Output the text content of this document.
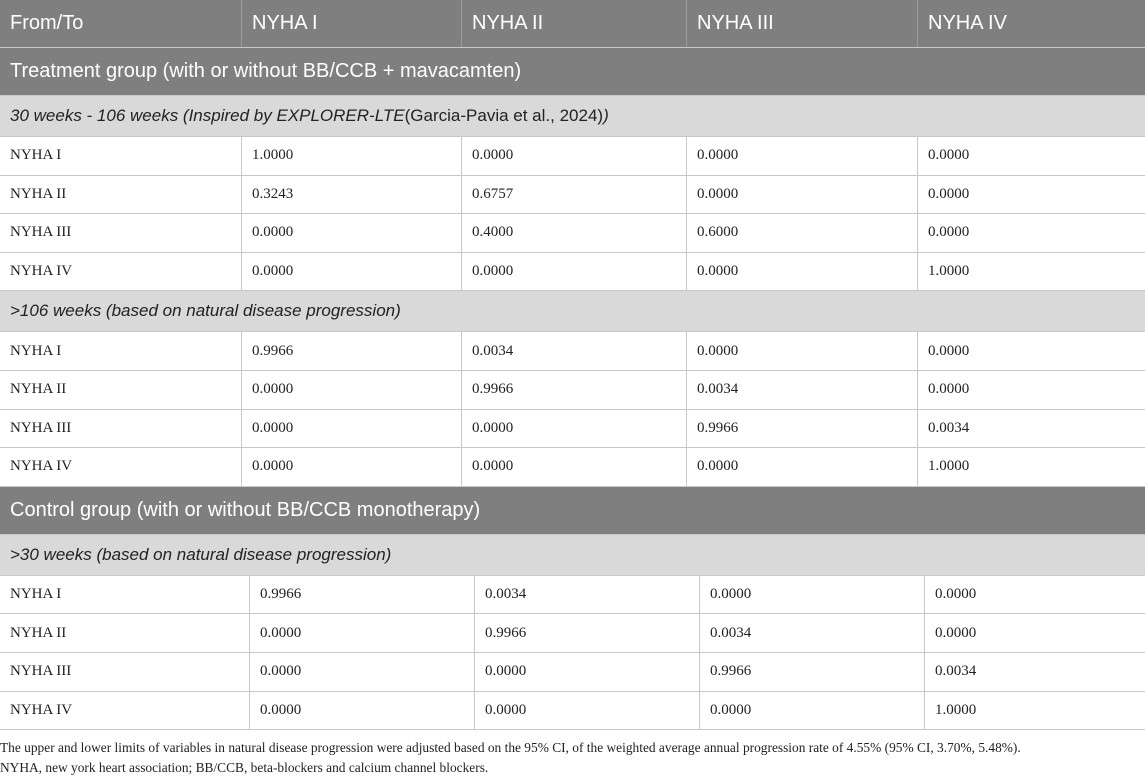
From/To	NYHA I	NYHA II	NYHA III	NYHA IV
Treatment group (with or without BB/CCB + mavacamten)
30 weeks - 106 weeks (Inspired by EXPLORER-LTE (Garcia-Pavia et al., 2024) )
NYHA I	1.0000	0.0000	0.0000	0.0000
NYHA II	0.3243	0.6757	0.0000	0.0000
NYHA III	0.0000	0.4000	0.6000	0.0000
NYHA IV	0.0000	0.0000	0.0000	1.0000
>106 weeks (based on natural disease progression)
NYHA I	0.9966	0.0034	0.0000	0.0000
NYHA II	0.0000	0.9966	0.0034	0.0000
NYHA III	0.0000	0.0000	0.9966	0.0034
NYHA IV	0.0000	0.0000	0.0000	1.0000
Control group (with or without BB/CCB monotherapy)
>30 weeks (based on natural disease progression)
NYHA I	0.9966	0.0034	0.0000	0.0000
NYHA II	0.0000	0.9966	0.0034	0.0000
NYHA III	0.0000	0.0000	0.9966	0.0034
NYHA IV	0.0000	0.0000	0.0000	1.0000
The upper and lower limits of variables in natural disease progression were adjusted based on the 95% CI, of the weighted average annual progression rate of 4.55% (95% CI, 3.70%, 5.48%).
NYHA, new york heart association; BB/CCB, beta-blockers and calcium channel blockers.
